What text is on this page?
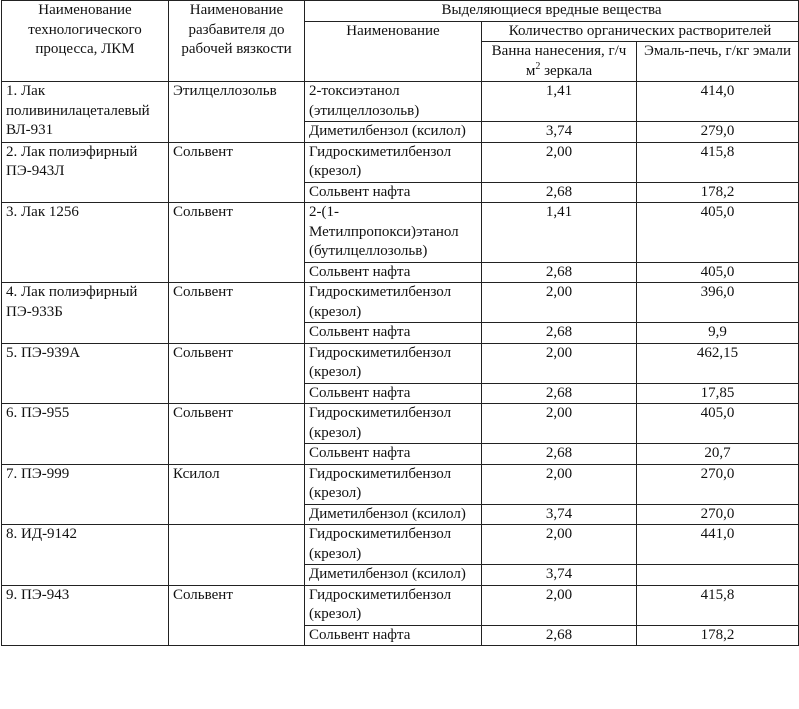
Наименование технологического процесса, ЛКМ	Наименование разбавителя до рабочей вязкости	Выделяющиеся вредные вещества		
		Наименование	Количество органических растворителей	
			Ванна нанесения, г/ч $м^2$ зеркала	Эмаль-печь, г/кг эмали
1. Лак поливинилацеталевый ВЛ-931	Этилцеллозольв	2-токсиэтанол (этилцеллозольв)	1,41	414,0
		Диметилбензол (ксилол)	3,74	279,0
2. Лак полиэфирный ПЭ-943Л	Сольвент	Гидроскиметилбензол (крезол)	2,00	415,8
		Сольвент нафта	2,68	178,2
3. Лак 1256	Сольвент	2-(1-Метилпропокси)этанол (бутилцеллозольв)	1,41	405,0
		Сольвент нафта	2,68	405,0
4. Лак полиэфирный ПЭ-933Б	Сольвент	Гидроскиметилбензол (крезол)	2,00	396,0
		Сольвент нафта	2,68	9,9
5. ПЭ-939А	Сольвент	Гидроскиметилбензол (крезол)	2,00	462,15
		Сольвент нафта	2,68	17,85
6. ПЭ-955	Сольвент	Гидроскиметилбензол (крезол)	2,00	405,0
		Сольвент нафта	2,68	20,7
7. ПЭ-999	Ксилол	Гидроскиметилбензол (крезол)	2,00	270,0
		Диметилбензол (ксилол)	3,74	270,0
8. ИД-9142		Гидроскиметилбензол (крезол)	2,00	441,0
		Диметилбензол (ксилол)	3,74	
9. ПЭ-943	Сольвент	Гидроскиметилбензол (крезол)	2,00	415,8
		Сольвент нафта	2,68	178,2
